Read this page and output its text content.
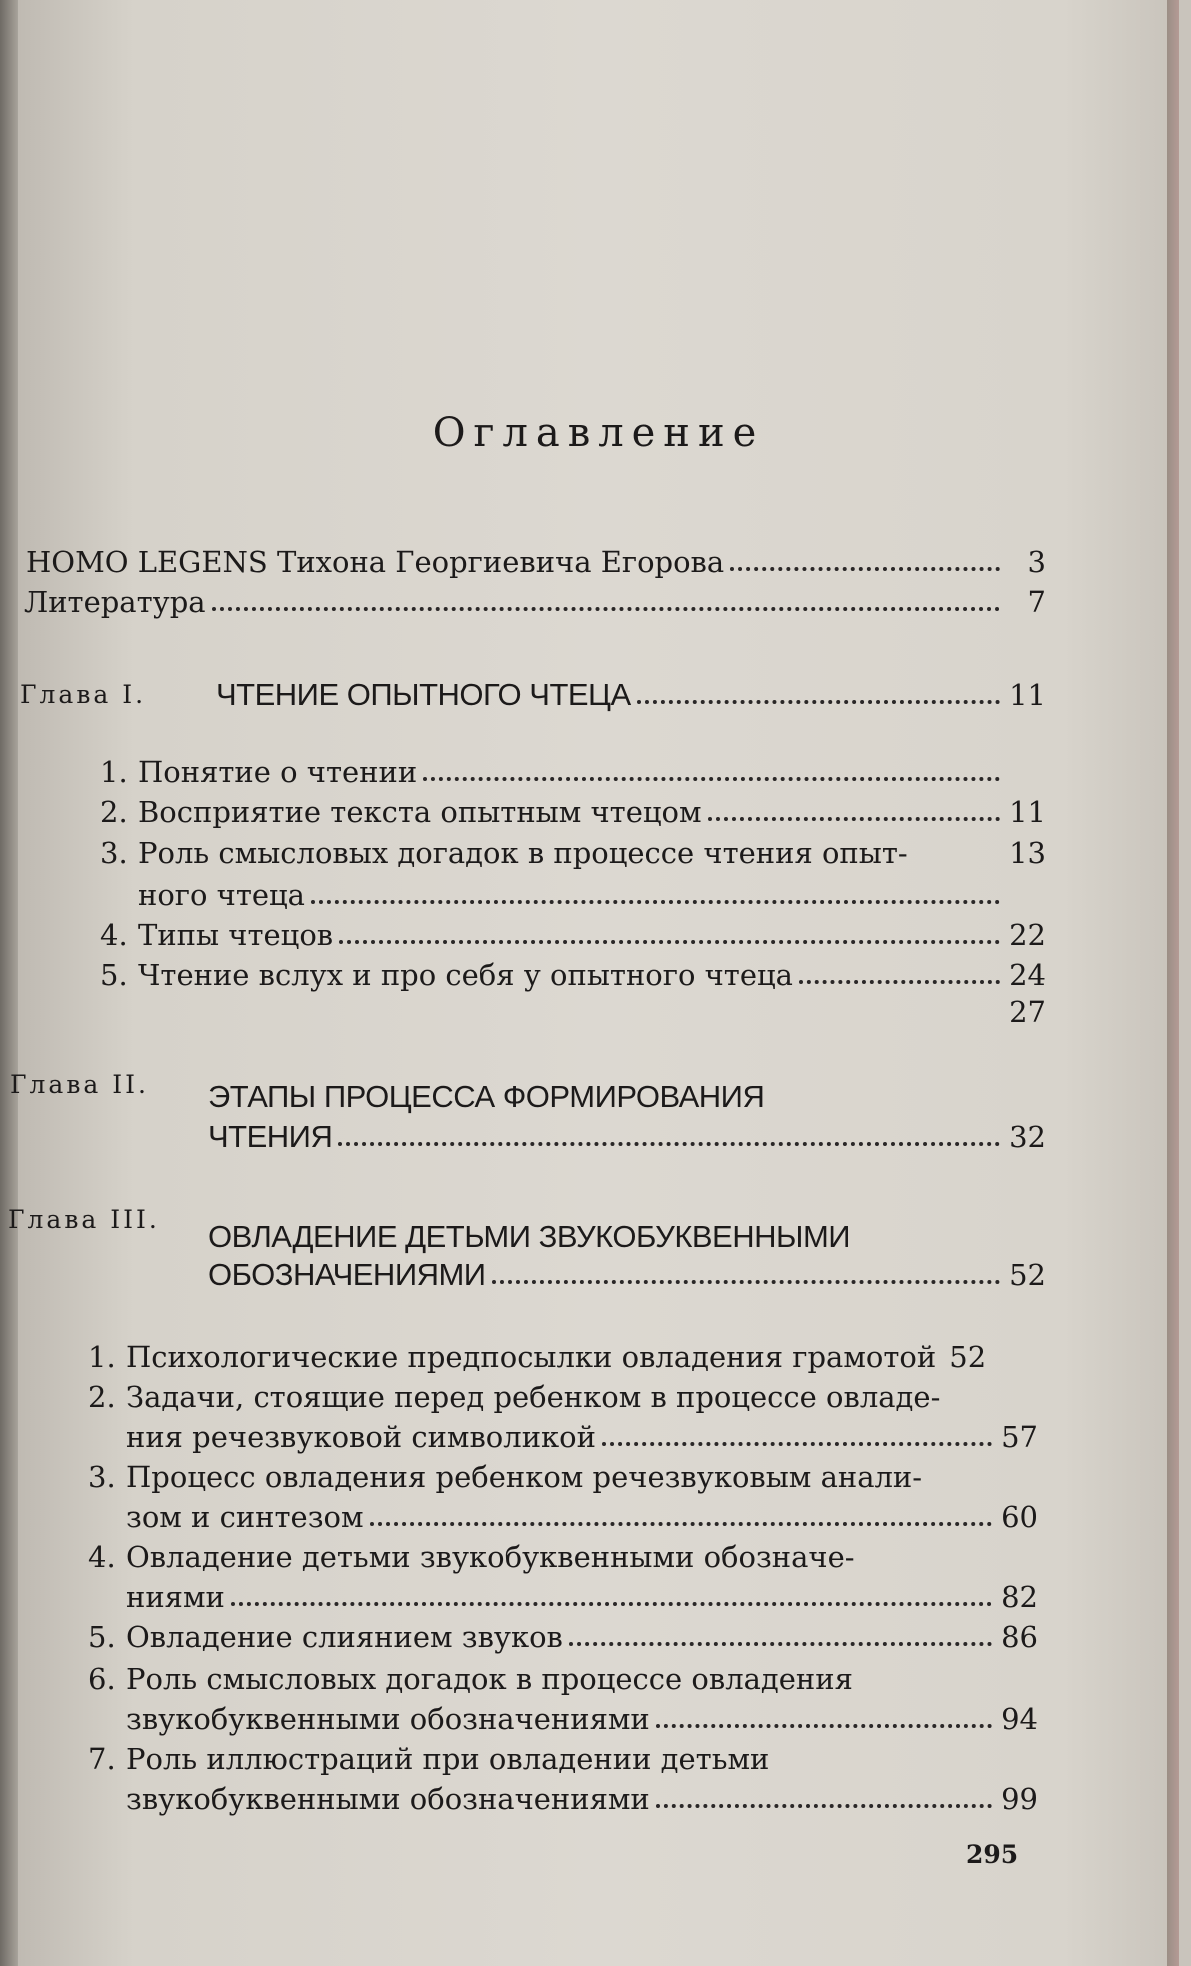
Оглавление
HOMO LEGENS Тихона Георгиевича Егорова	3
Литература	7
Глава I. ЧТЕНИЕ ОПЫТНОГО ЧТЕЦА	11
1. Понятие о чтении
2. Восприятие текста опытным чтецом	11
3. Роль смысловых догадок в процессе чтения опыт-	13
ного чтеца
4. Типы чтецов	22
5. Чтение вслух и про себя у опытного чтеца	24
27
Глава II. ЭТАПЫ ПРОЦЕССА ФОРМИРОВАНИЯ
ЧТЕНИЯ	32
Глава III. ОВЛАДЕНИЕ ДЕТЬМИ ЗВУКОБУКВЕННЫМИ
ОБОЗНАЧЕНИЯМИ	52
1. Психологические предпосылки овладения грамотой 52
2. Задачи, стоящие перед ребенком в процессе овладе-
ния речезвуковой символикой	57
3. Процесс овладения ребенком речезвуковым анали-
зом и синтезом	60
4. Овладение детьми звукобуквенными обозначе-
ниями	82
5. Овладение слиянием звуков	86
6. Роль смысловых догадок в процессе овладения
звукобуквенными обозначениями	94
7. Роль иллюстраций при овладении детьми
звукобуквенными обозначениями	99
295
